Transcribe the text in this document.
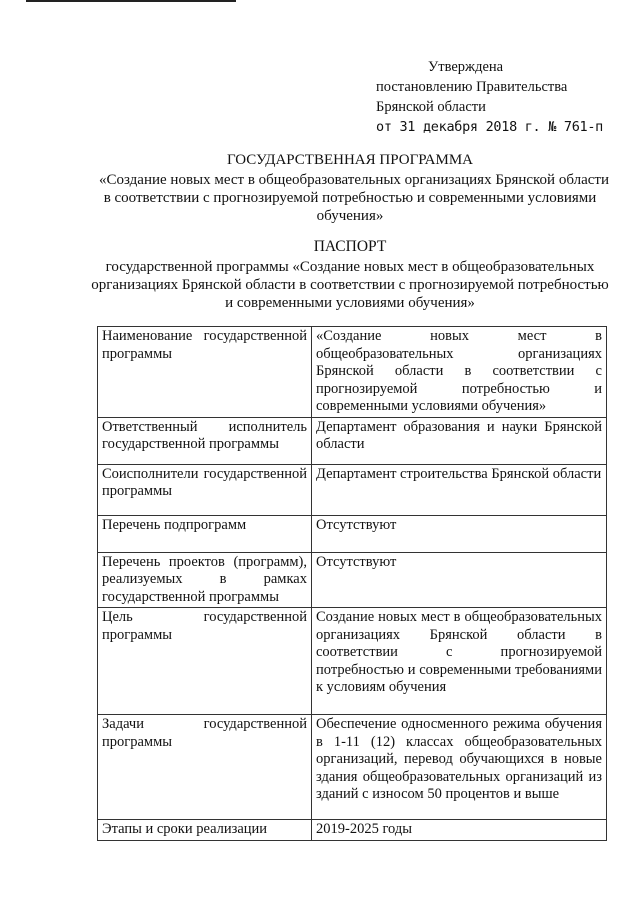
Утверждена
постановлению Правительства
Брянской области
от 31 декабря 2018 г. № 761-п
ГОСУДАРСТВЕННАЯ ПРОГРАММА
«Создание новых мест в общеобразовательных организациях Брянской области в соответствии с прогнозируемой потребностью и современными условиями обучения»
ПАСПОРТ
государственной программы «Создание новых мест в общеобразовательных организациях Брянской области в соответствии с прогнозируемой потребностью и современными условиями обучения»
Наименование государственной программы	«Создание новых мест в общеобразовательных организациях Брянской области в соответствии с прогнозируемой потребностью и современными условиями обучения»
Ответственный исполнитель государственной программы	Департамент образования и науки Брянской области
Соисполнители государственной программы	Департамент строительства Брянской области
Перечень подпрограмм	Отсутствуют
Перечень проектов (программ), реализуемых в рамках государственной программы	Отсутствуют
Цель государственной программы	Создание новых мест в общеобразовательных организациях Брянской области в соответствии с прогнозируемой потребностью и современными требованиями к условиям обучения
Задачи государственной программы	Обеспечение односменного режима обучения в 1-11 (12) классах общеобразовательных организаций, перевод обучающихся в новые здания общеобразовательных организаций из зданий с износом 50 процентов и выше
Этапы и сроки реализации	2019-2025 годы
